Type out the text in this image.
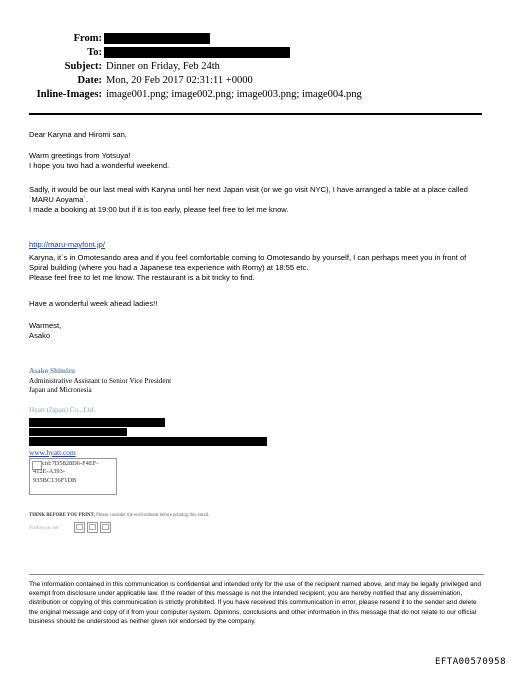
From:
To:
Subject: Dinner on Friday, Feb 24th
Date: Mon, 20 Feb 2017 02:31:11 +0000
Inline-Images: image001.png; image002.png; image003.png; image004.png
Dear Karyna and Hiromi san,
Warm greetings from Yotsuya!
I hope you two had a wonderful weekend.
Sadly, it would be our last meal with Karyna until her next Japan visit (or we go visit NYC), I have arranged a table at a place called `MARU Aoyama`.
I made a booking at 19:00 but if it is too early, please feel free to let me know.

http://maru-mayfont.jp/

Karyna, it`s in Omotesando area and if you feel comfortable coming to Omotesando by yourself, I can perhaps meet you in front of Spiral building (where you had a Japanese tea experience with Romy) at 18:55 etc.
Please feel free to let me know. The restaurant is a bit tricky to find.
Have a wonderful week ahead ladies!!
Warmest,
Asako
Asako Shimizu
Administrative Assistant to Senior Vice President
Japan and Micronesia
Hyatt (Japan) Co., Ltd.
www.hyatt.com
cid:7D5828D6-F4EF-
412E-A393-
935BC136F1DB
THINK BEFORE YOU PRINT: Please consider the environment before printing this email.
Follow us on:
The information contained in this communication is confidential and intended only for the use of the recipient named above, and may be legally privileged and exempt from disclosure under applicable law. If the reader of this message is not the intended recipient, you are hereby notified that any dissemination, distribution or copying of this communication is strictly prohibited. If you have received this communication in error, please resend it to the sender and delete the original message and copy of it from your computer system. Opinions, conclusions and other information in this message that do not relate to our official business should be understood as neither given nor endorsed by the company.
EFTA00570958
